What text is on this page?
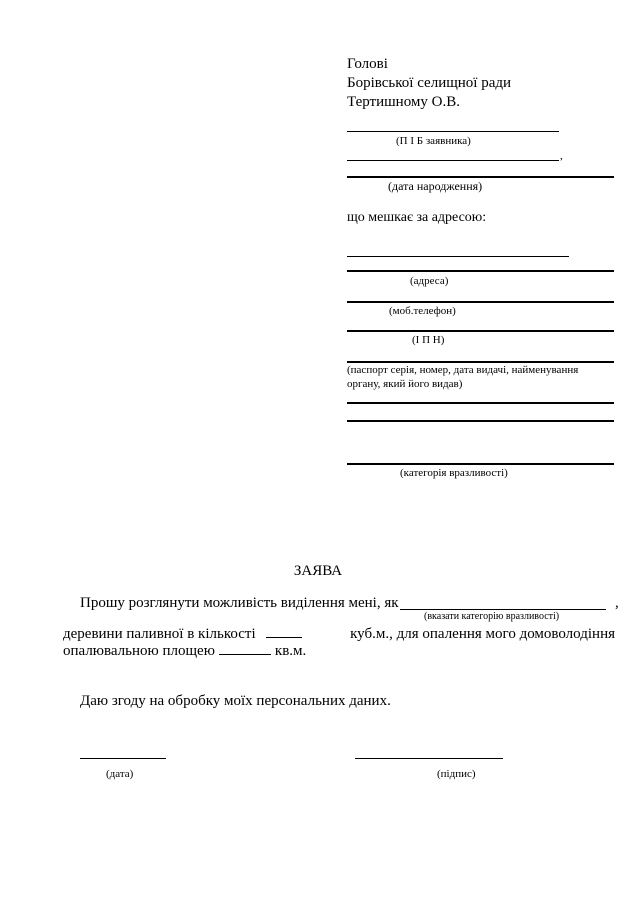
Голові
Борівської селищної ради
Тертишному О.В.
(П І Б заявника)
,
(дата народження)
що мешкає за адресою:
(адреса)
(моб.телефон)
(І П Н)
(паспорт серія, номер, дата видачі, найменування
органу, який його видав)
(категорія вразливості)
ЗАЯВА
Прошу розглянути можливість виділення мені, як	,
(вказати категорію вразливості)
деревини паливної в кількості	куб.м., для опалення мого домоволодіння
опалювальною площею	кв.м.
Даю згоду на обробку моїх персональних даних.
(дата)	(підпис)
